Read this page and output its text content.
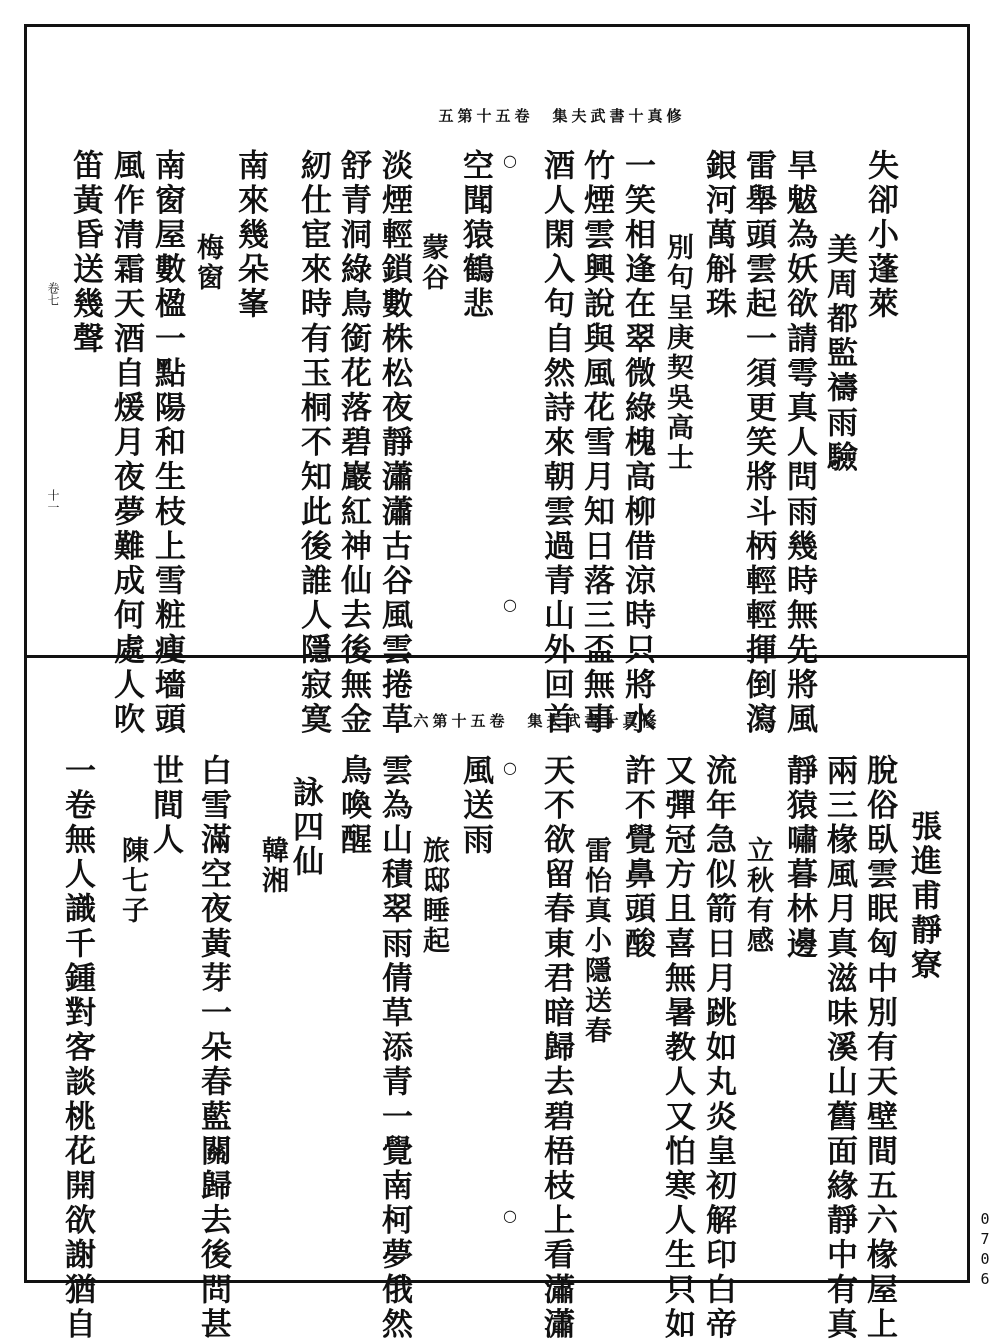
五第十五卷　集夫武書十真修
失卻小蓬萊
美周都監禱雨驗
旱魃為妖欲請雩真人問雨幾時無先將風
雷舉頭雲起一須更笑將斗柄輕輕揮倒瀉
銀河萬斛珠
別句呈庚契吳高士
一笑相逢在翠微綠槐高柳借涼時只將水
竹煙雲興說與風花雪月知日落三盃無事
酒人閑入句自然詩來朝雲過青山外回首
○
○
空聞猿鶴悲
蒙谷
淡煙輕鎖數株松夜靜瀟瀟古谷風雲捲草
舒青洞綠鳥銜花落碧巖紅神仙去後無金
紉仕宦來時有玉桐不知此後誰人隱寂寞
南來幾朵峯
梅窗
南窗屋數楹一點陽和生枝上雪粧瘦墻頭
風作清霜天酒自煖月夜夢難成何處人吹
笛黃昏送幾聲
卷七
十一
六第十五卷　集夫武書十真修
張進甫靜寮
脫俗臥雲眠匈中別有天壁間五六椽屋上
兩三椽風月真滋味溪山舊面緣靜中有真
靜猿嘯暮林邊
立秋有感
流年急似箭日月跳如丸炎皇初解印白帝
又彈冠方且喜無暑教人又怕寒人生只如
許不覺鼻頭酸
雷怡真小隱送春
天不欲留春東君暗歸去碧梧枝上看瀟瀟
○
○
風送雨
旅邸睡起
雲為山積翠雨倩草添青一覺南柯夢俄然
鳥喚醒
詠四仙
韓湘
白雪滿空夜黃芽一朵春藍關歸去後問甚
世間人
陳七子
一卷無人識千鍾對客談桃花開欲謝猶自	0706
